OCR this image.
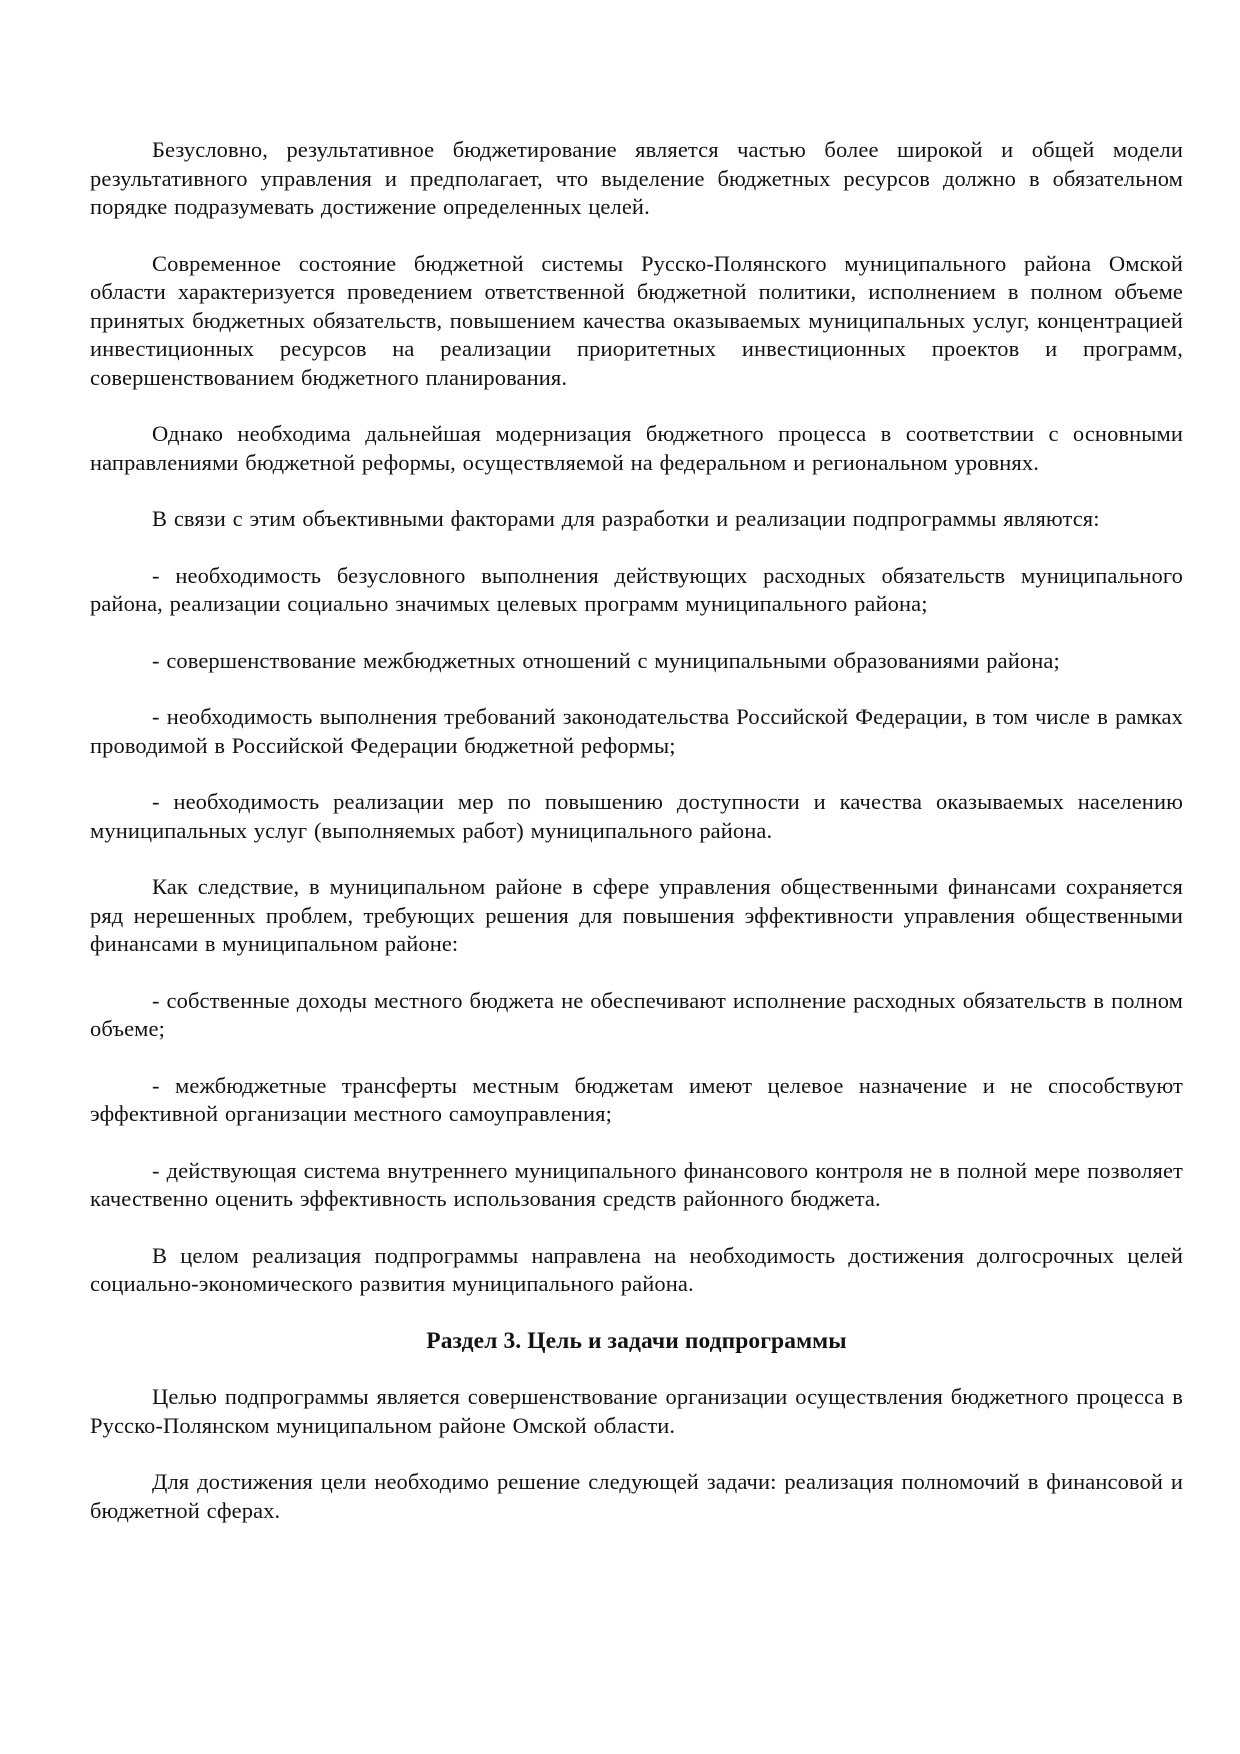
Безусловно, результативное бюджетирование является частью более широкой и общей модели результативного управления и предполагает, что выделение бюджетных ресурсов должно в обязательном порядке подразумевать достижение определенных целей.

Современное состояние бюджетной системы Русско-Полянского муниципального района Омской области характеризуется проведением ответственной бюджетной политики, исполнением в полном объеме принятых бюджетных обязательств, повышением качества оказываемых муниципальных услуг, концентрацией инвестиционных ресурсов на реализации приоритетных инвестиционных проектов и программ, совершенствованием бюджетного планирования.

Однако необходима дальнейшая модернизация бюджетного процесса в соответствии с основными направлениями бюджетной реформы, осуществляемой на федеральном и региональном уровнях.

В связи с этим объективными факторами для разработки и реализации подпрограммы являются:

- необходимость безусловного выполнения действующих расходных обязательств муниципального района, реализации социально значимых целевых программ муниципального района;

- совершенствование межбюджетных отношений с муниципальными образованиями района;

- необходимость выполнения требований законодательства Российской Федерации, в том числе в рамках проводимой в Российской Федерации бюджетной реформы;

- необходимость реализации мер по повышению доступности и качества оказываемых населению муниципальных услуг (выполняемых работ) муниципального района.

Как следствие, в муниципальном районе в сфере управления общественными финансами сохраняется ряд нерешенных проблем, требующих решения для повышения эффективности управления общественными финансами в муниципальном районе:

- собственные доходы местного бюджета не обеспечивают исполнение расходных обязательств в полном объеме;

- межбюджетные трансферты местным бюджетам имеют целевое назначение и не способствуют эффективной организации местного самоуправления;

- действующая система внутреннего муниципального финансового контроля не в полной мере позволяет качественно оценить эффективность использования средств районного бюджета.

В целом реализация подпрограммы направлена на необходимость достижения долгосрочных целей социально-экономического развития муниципального района.

Раздел 3. Цель и задачи подпрограммы

Целью подпрограммы является совершенствование организации осуществления бюджетного процесса в Русско-Полянском муниципальном районе Омской области.

Для достижения цели необходимо решение следующей задачи: реализация полномочий в финансовой и бюджетной сферах.
